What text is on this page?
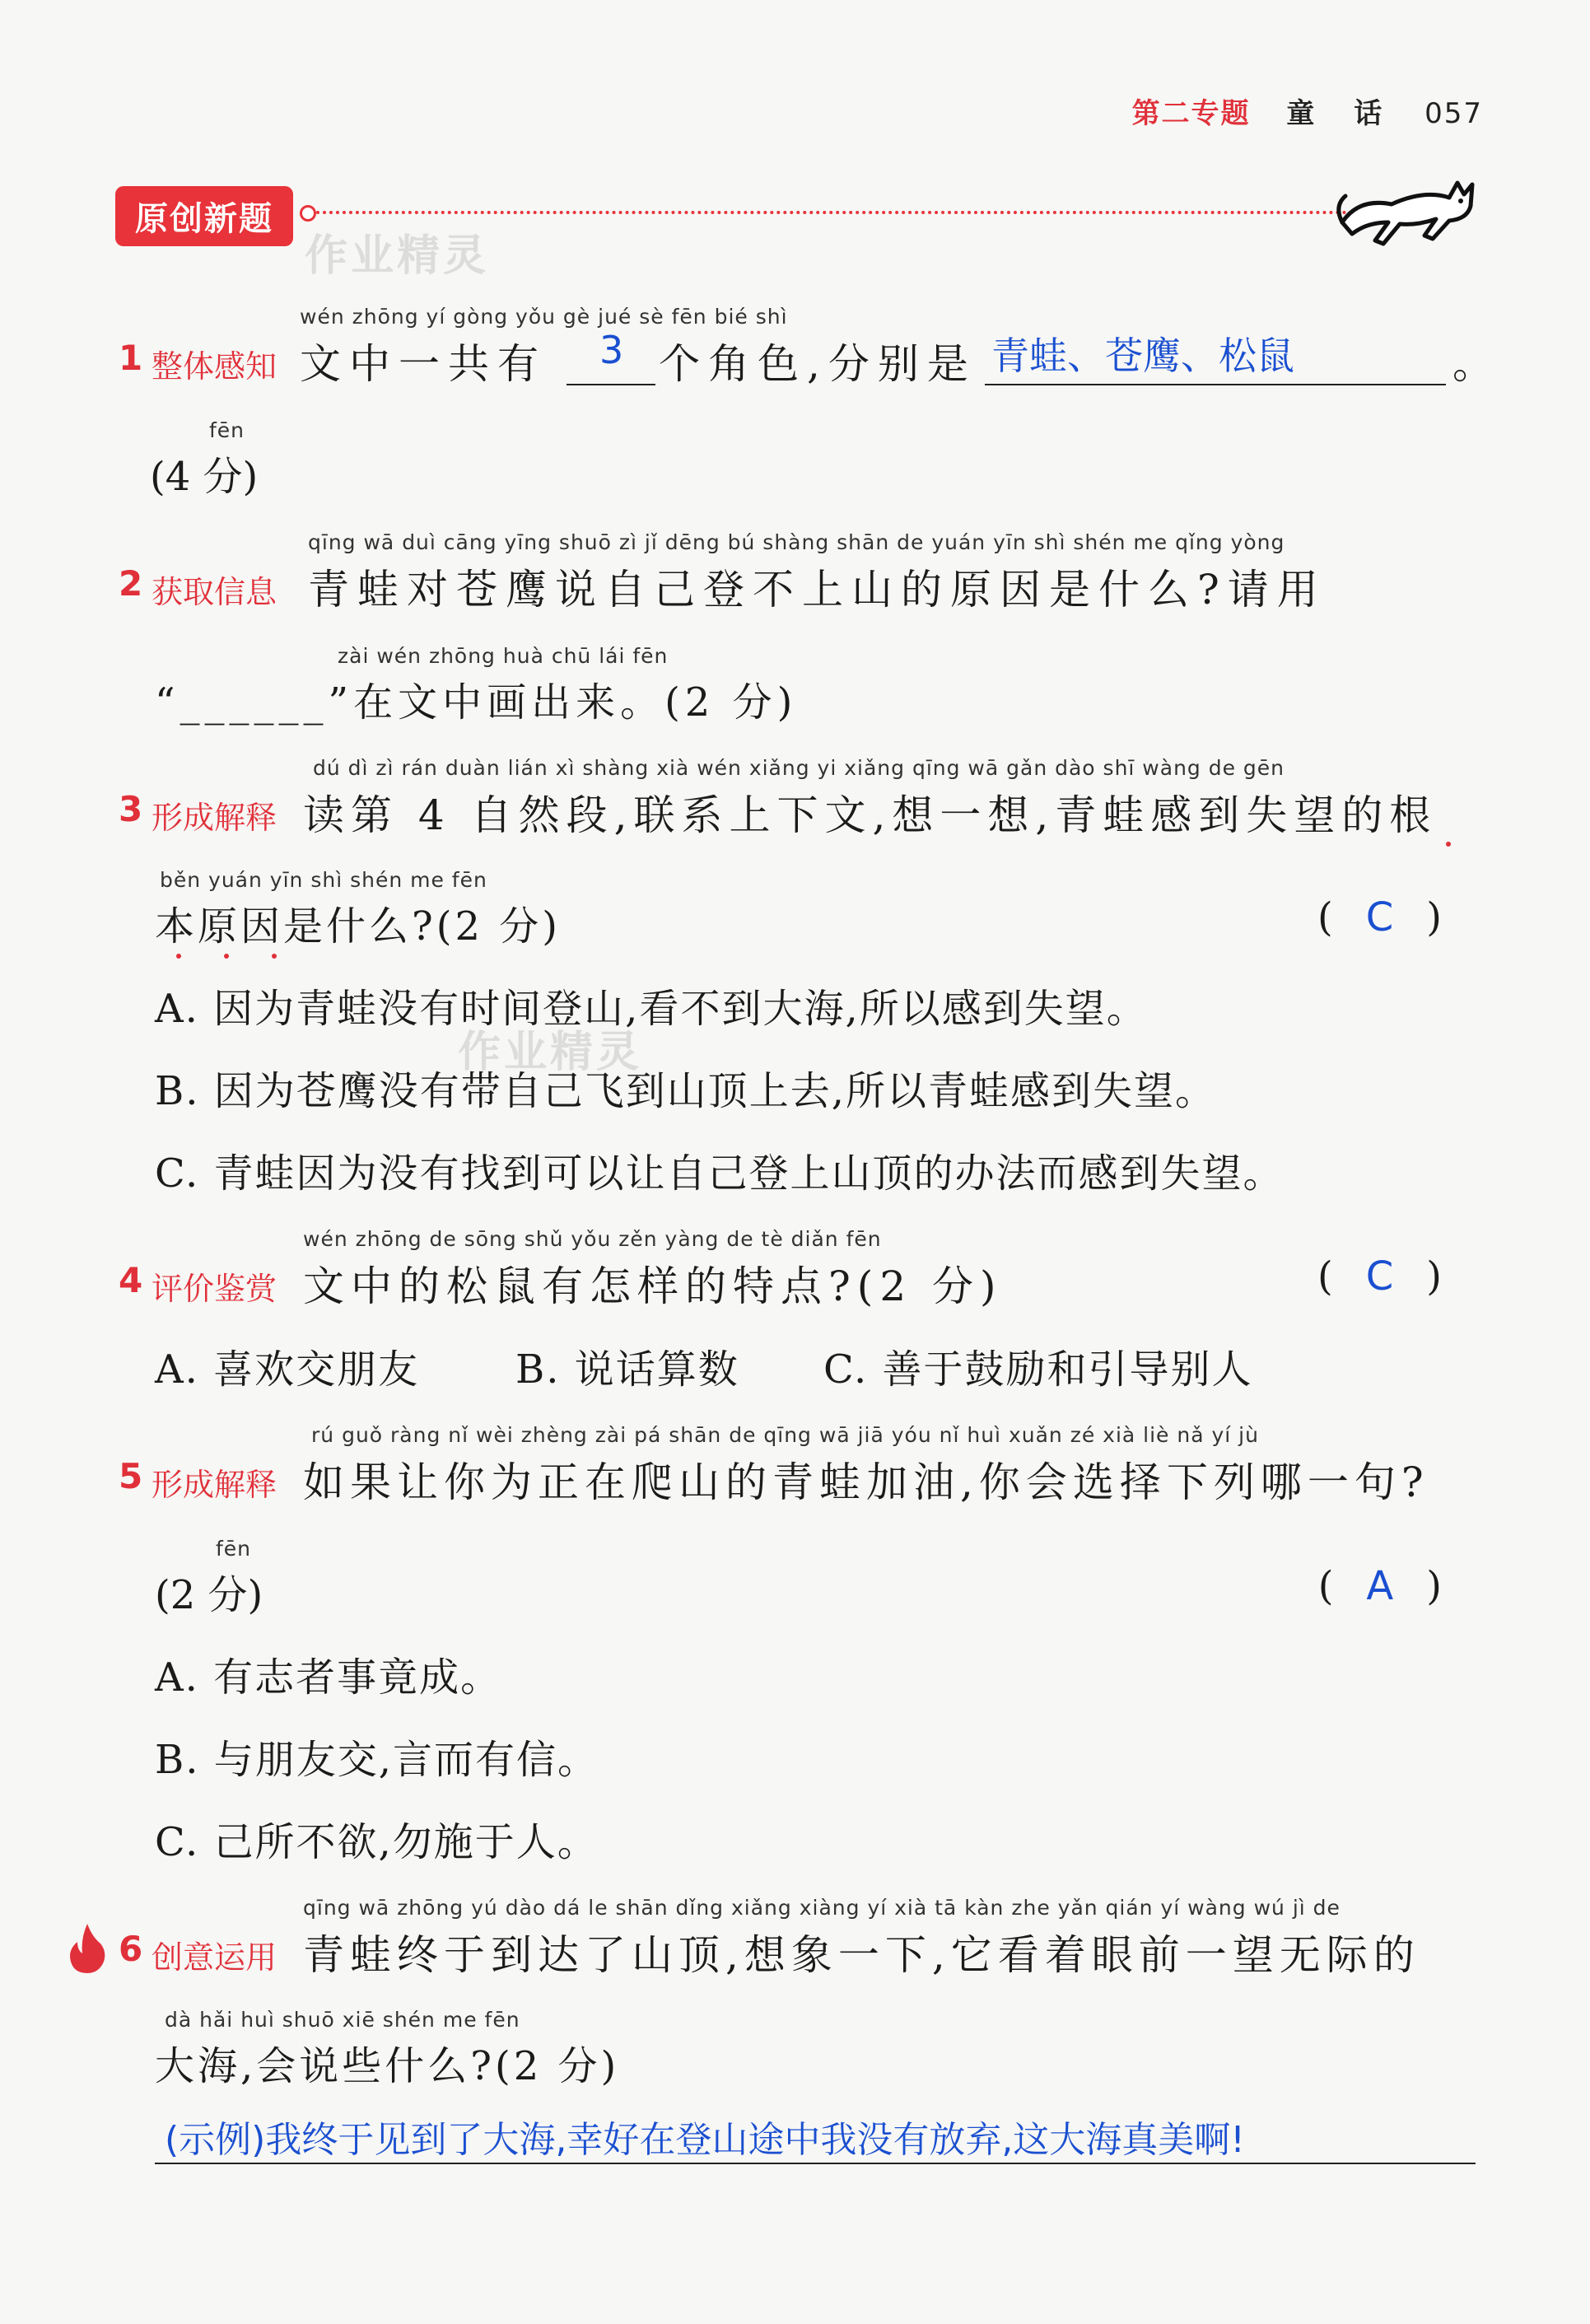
第二专题 童 话 057
原创新题
作业精灵
作业精灵
wén zhōng yí gòng yǒu gè jué sè fēn bié shì
1 整体感知 文中一共有 3 个角色,分别是 青蛙、苍鹰、松鼠	。
fēn
(4 分)
qīng wā duì cāng yīng shuō zì jǐ dēng bú shàng shān de yuán yīn shì shén me qǐng yòng
2 获取信息 青蛙对苍鹰说自己登不上山的原因是什么?请用
zài wén zhōng huà chū lái fēn
“______”在文中画出来。(2 分)
dú dì zì rán duàn lián xì shàng xià wén xiǎng yi xiǎng qīng wā gǎn dào shī wàng de gēn
3 形成解释 读第 4 自然段,联系上下文,想一想,青蛙感到失望的根
běn yuán yīn shì shén me fēn
本原因是什么?(2 分)	(C)
A. 因为青蛙没有时间登山,看不到大海,所以感到失望。
B. 因为苍鹰没有带自己飞到山顶上去,所以青蛙感到失望。
C. 青蛙因为没有找到可以让自己登上山顶的办法而感到失望。
wén zhōng de sōng shǔ yǒu zěn yàng de tè diǎn fēn
4 评价鉴赏 文中的松鼠有怎样的特点?(2 分)	(C)
A. 喜欢交朋友 B. 说话算数 C. 善于鼓励和引导别人
rú guǒ ràng nǐ wèi zhèng zài pá shān de qīng wā jiā yóu nǐ huì xuǎn zé xià liè nǎ yí jù
5 形成解释 如果让你为正在爬山的青蛙加油,你会选择下列哪一句?
fēn
(2 分)	(A)
A. 有志者事竟成。
B. 与朋友交,言而有信。
C. 己所不欲,勿施于人。
qīng wā zhōng yú dào dá le shān dǐng xiǎng xiàng yí xià tā kàn zhe yǎn qián yí wàng wú jì de
6 创意运用 青蛙终于到达了山顶,想象一下,它看着眼前一望无际的
dà hǎi huì shuō xiē shén me fēn
大海,会说些什么?(2 分)
(示例)我终于见到了大海,幸好在登山途中我没有放弃,这大海真美啊!
